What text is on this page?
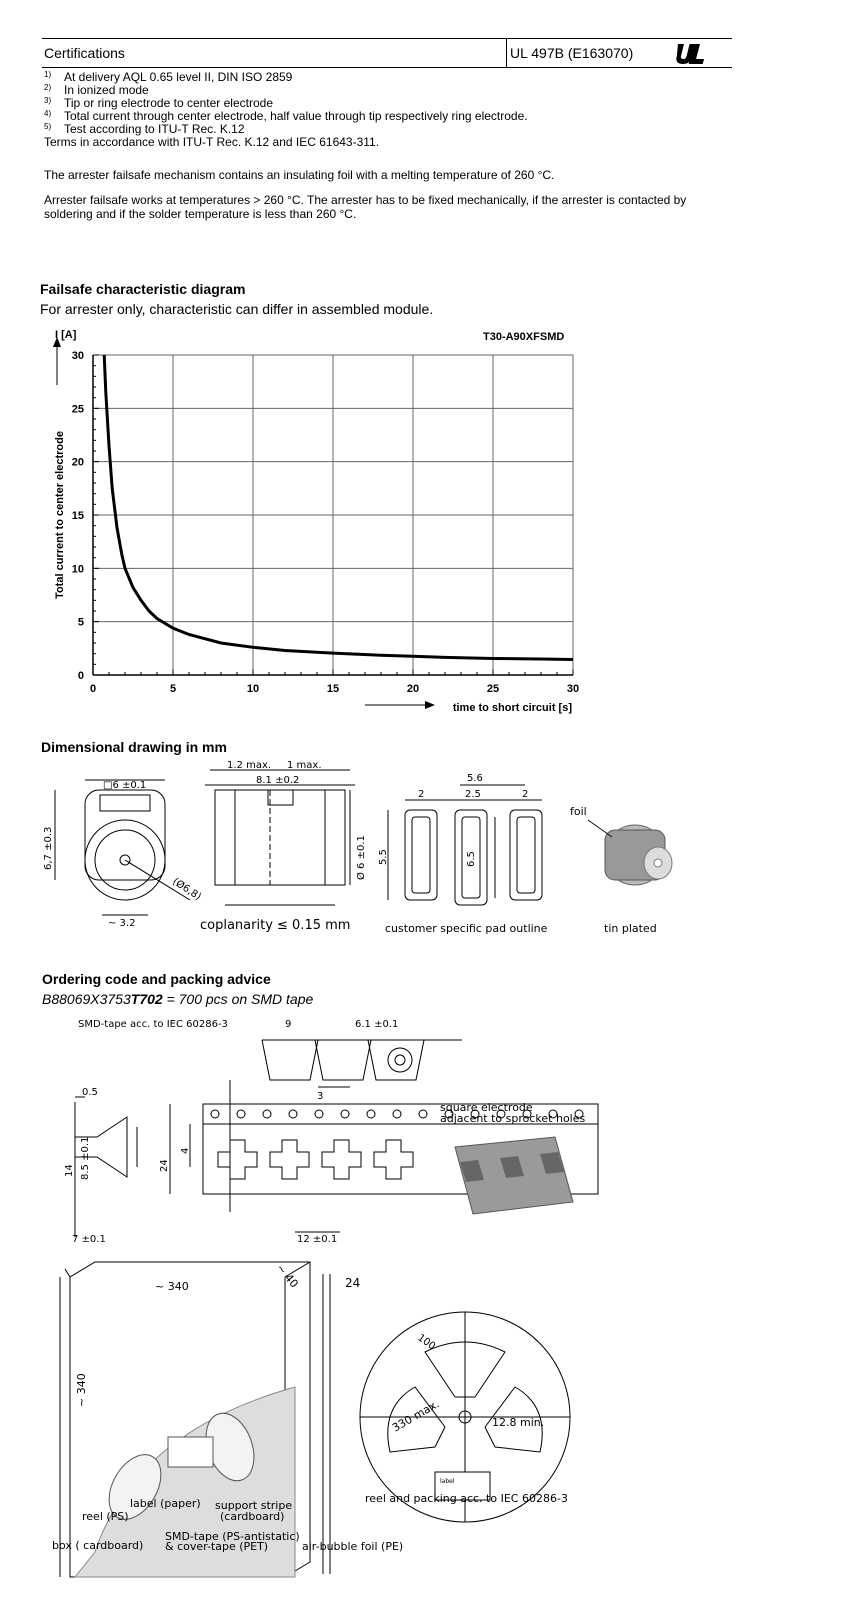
Certifications	UL 497B (E163070)
1) At delivery AQL 0.65 level II, DIN ISO 2859
2) In ionized mode
3) Tip or ring electrode to center electrode
4) Total current through center electrode, half value through tip respectively ring electrode.
5) Test according to ITU-T Rec. K.12
Terms in accordance with ITU-T Rec. K.12 and IEC 61643-311.
The arrester failsafe mechanism contains an insulating foil with a melting temperature of 260 °C.
Arrester failsafe works at temperatures > 260 °C. The arrester has to be fixed mechanically, if the arrester is contacted by
soldering and if the solder temperature is less than 260 °C.
Failsafe characteristic diagram
For arrester only, characteristic can differ in assembled module.
0	5	10	15	20	25	30
0
5
10
15
20
25
30
I [A]	T30-A90XFSMD
time to short circuit [s]
Total current to center electrode
Dimensional drawing in mm
□6 ±0.1
6,7 ±0.3
(Ø6,8)
~ 3.2
1.2 max. 1 max.
8.1 ±0.2
Ø 6 ±0.1
coplanarity ≤ 0.15 mm
5.6
2	2.5	2
5.5	6.5
customer specific pad outline
foil
tin plated
Ordering code and packing advice
B88069X3753T702 = 700 pcs on SMD tape
SMD-tape acc. to IEC 60286-3	9	6.1 ±0.1
0.5	3
14 8.5 ±0.1	24
4
7 ±0.1	12 ±0.1
square electrode
adjacent to sprocket holes
~ 340	~ 40
~ 340
24
100
330 max.	12.8 min.
label
reel and packing acc. to IEC 60286-3
label (paper)
reel (PS)
support stripe
(cardboard)
box ( cardboard)
SMD-tape (PS-antistatic)
& cover-tape (PET)	air-bubble foil (PE)
